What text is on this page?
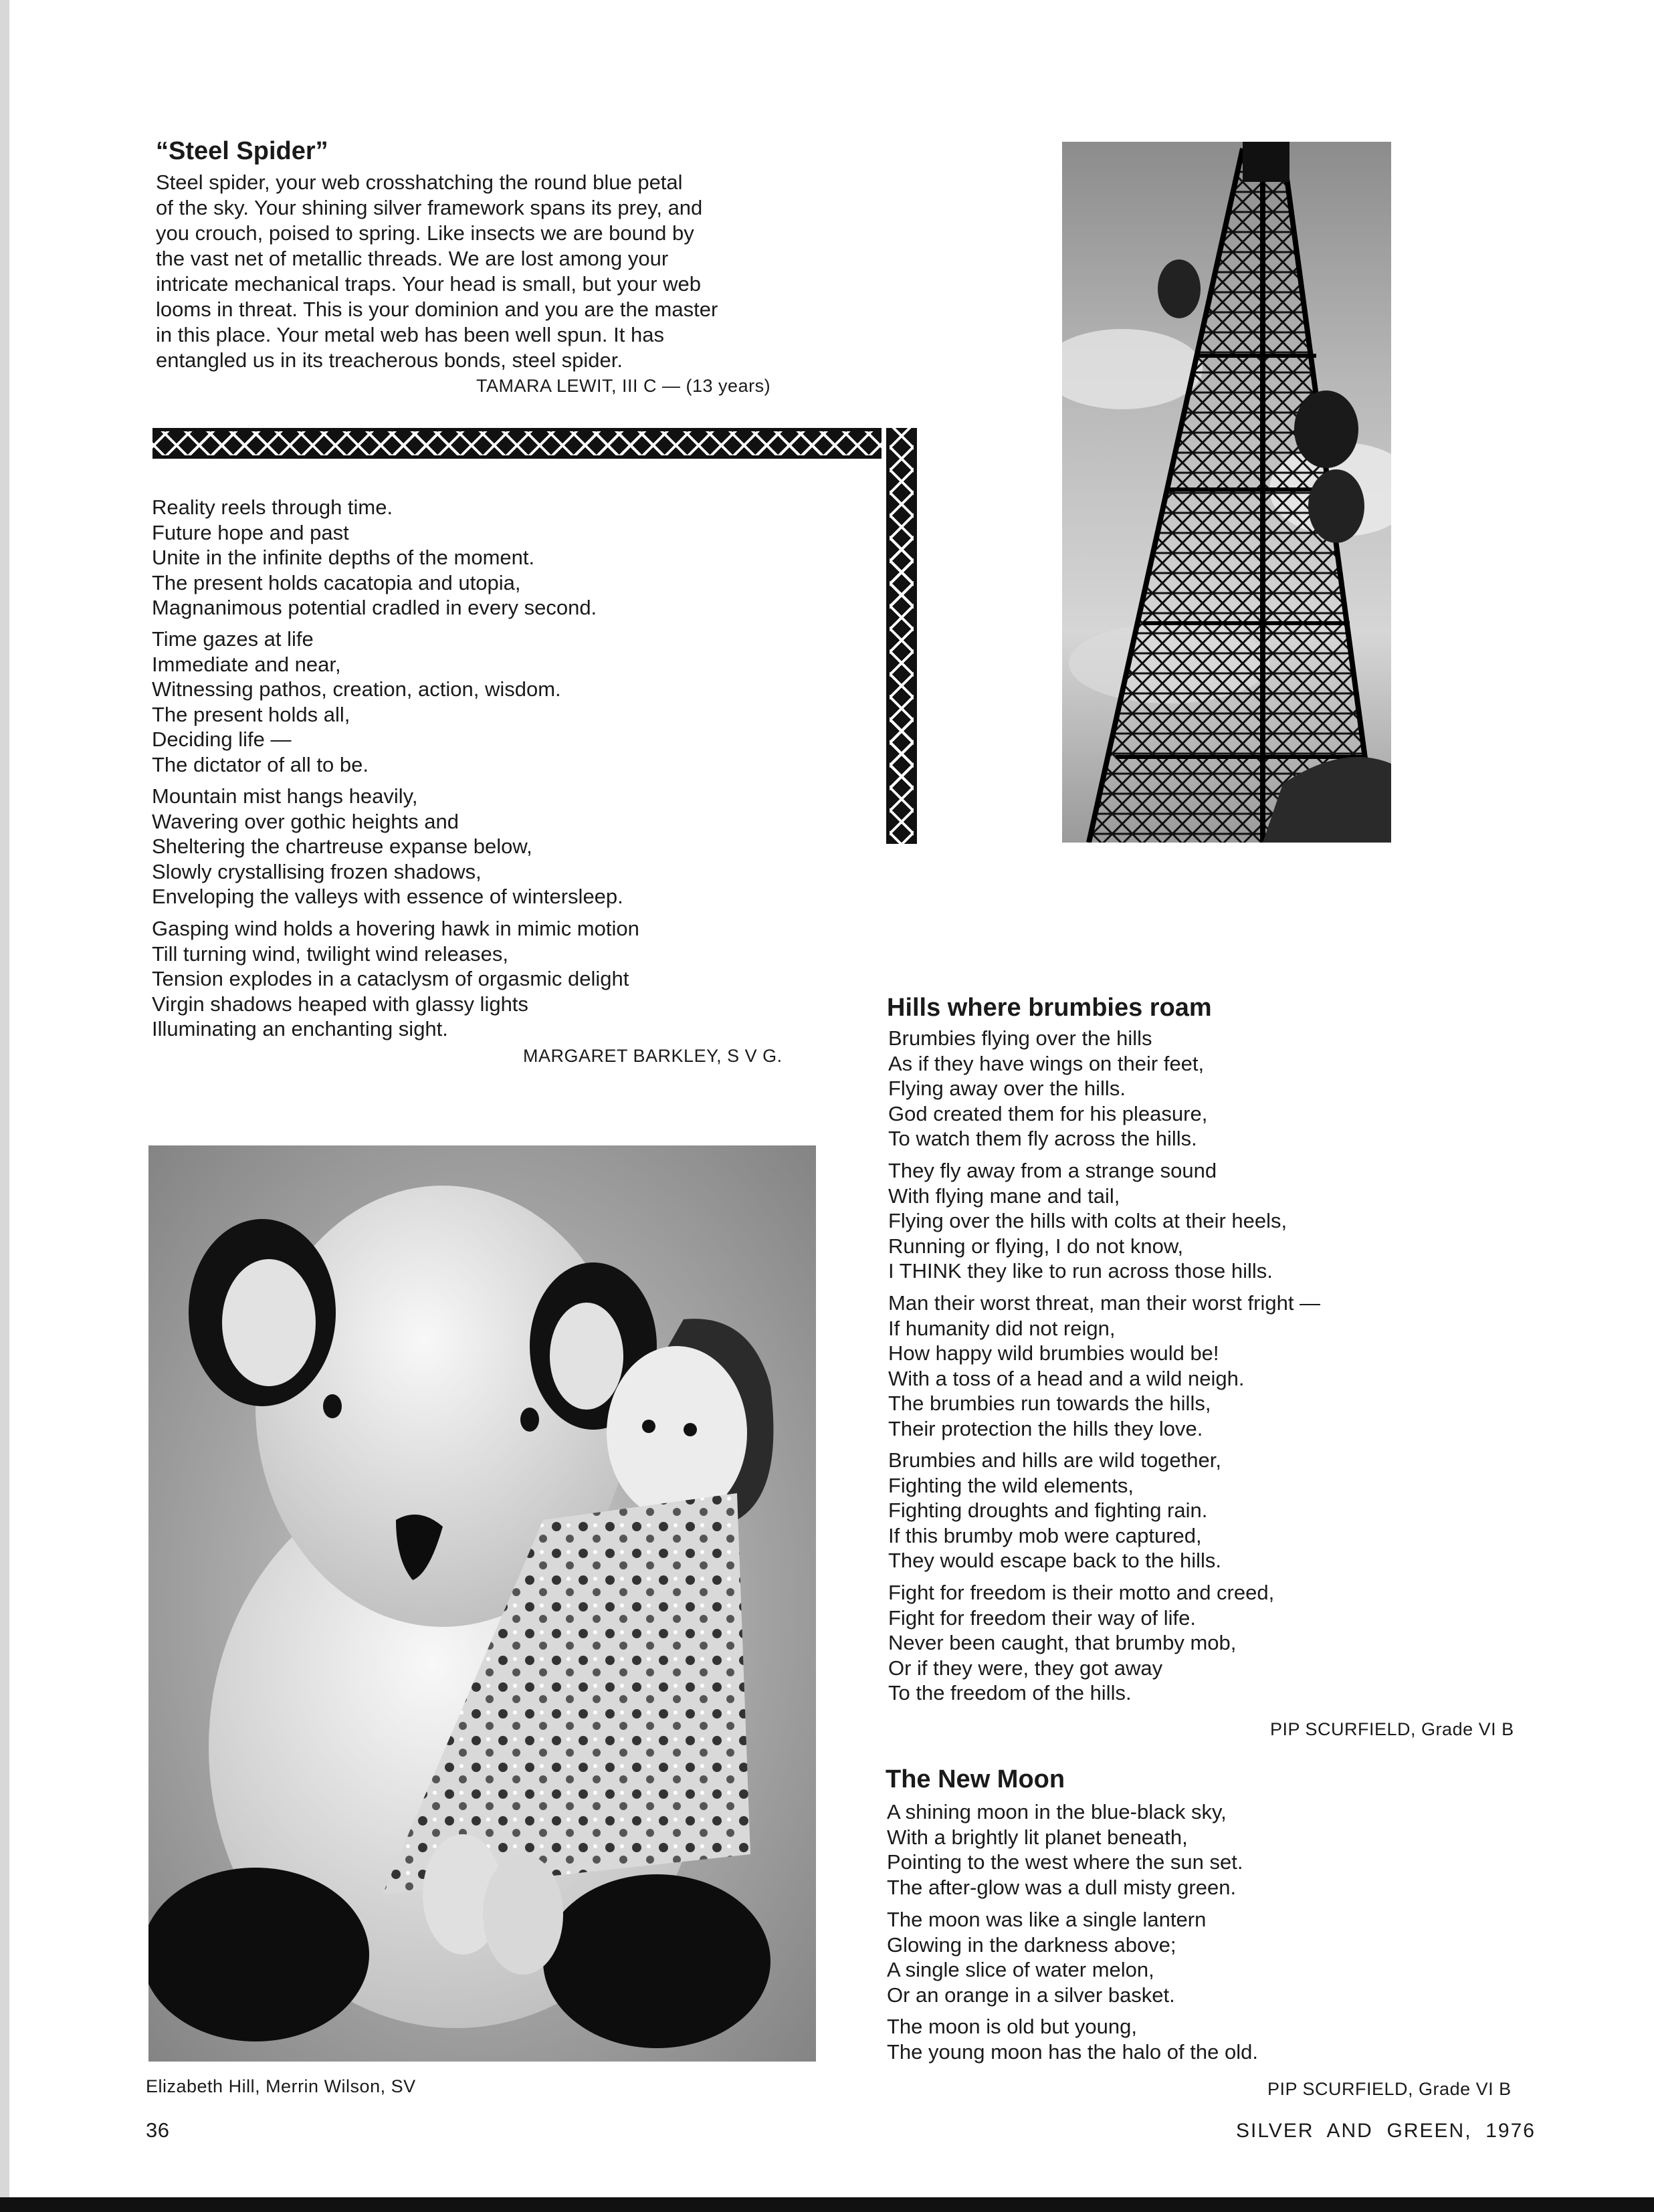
“Steel Spider”
Steel spider, your web crosshatching the round blue petal
of the sky. Your shining silver framework spans its prey, and
you crouch, poised to spring. Like insects we are bound by
the vast net of metallic threads. We are lost among your
intricate mechanical traps. Your head is small, but your web
looms in threat. This is your dominion and you are the master
in this place. Your metal web has been well spun. It has
entangled us in its treacherous bonds, steel spider.
TAMARA LEWIT, III C — (13 years)
Reality reels through time.
Future hope and past
Unite in the infinite depths of the moment.
The present holds cacatopia and utopia,
Magnanimous potential cradled in every second.
Time gazes at life
Immediate and near,
Witnessing pathos, creation, action, wisdom.
The present holds all,
Deciding life —
The dictator of all to be.
Mountain mist hangs heavily,
Wavering over gothic heights and
Sheltering the chartreuse expanse below,
Slowly crystallising frozen shadows,
Enveloping the valleys with essence of wintersleep.
Gasping wind holds a hovering hawk in mimic motion
Till turning wind, twilight wind releases,
Tension explodes in a cataclysm of orgasmic delight
Virgin shadows heaped with glassy lights
Illuminating an enchanting sight.
MARGARET BARKLEY, S V G.
Elizabeth Hill, Merrin Wilson, SV
Hills where brumbies roam
Brumbies flying over the hills
As if they have wings on their feet,
Flying away over the hills.
God created them for his pleasure,
To watch them fly across the hills.
They fly away from a strange sound
With flying mane and tail,
Flying over the hills with colts at their heels,
Running or flying, I do not know,
I THINK they like to run across those hills.
Man their worst threat, man their worst fright —
If humanity did not reign,
How happy wild brumbies would be!
With a toss of a head and a wild neigh.
The brumbies run towards the hills,
Their protection the hills they love.
Brumbies and hills are wild together,
Fighting the wild elements,
Fighting droughts and fighting rain.
If this brumby mob were captured,
They would escape back to the hills.
Fight for freedom is their motto and creed,
Fight for freedom their way of life.
Never been caught, that brumby mob,
Or if they were, they got away
To the freedom of the hills.
PIP SCURFIELD, Grade VI B
The New Moon
A shining moon in the blue-black sky,
With a brightly lit planet beneath,
Pointing to the west where the sun set.
The after-glow was a dull misty green.
The moon was like a single lantern
Glowing in the darkness above;
A single slice of water melon,
Or an orange in a silver basket.
The moon is old but young,
The young moon has the halo of the old.
PIP SCURFIELD, Grade VI B
36	SILVER  AND  GREEN,  1976
